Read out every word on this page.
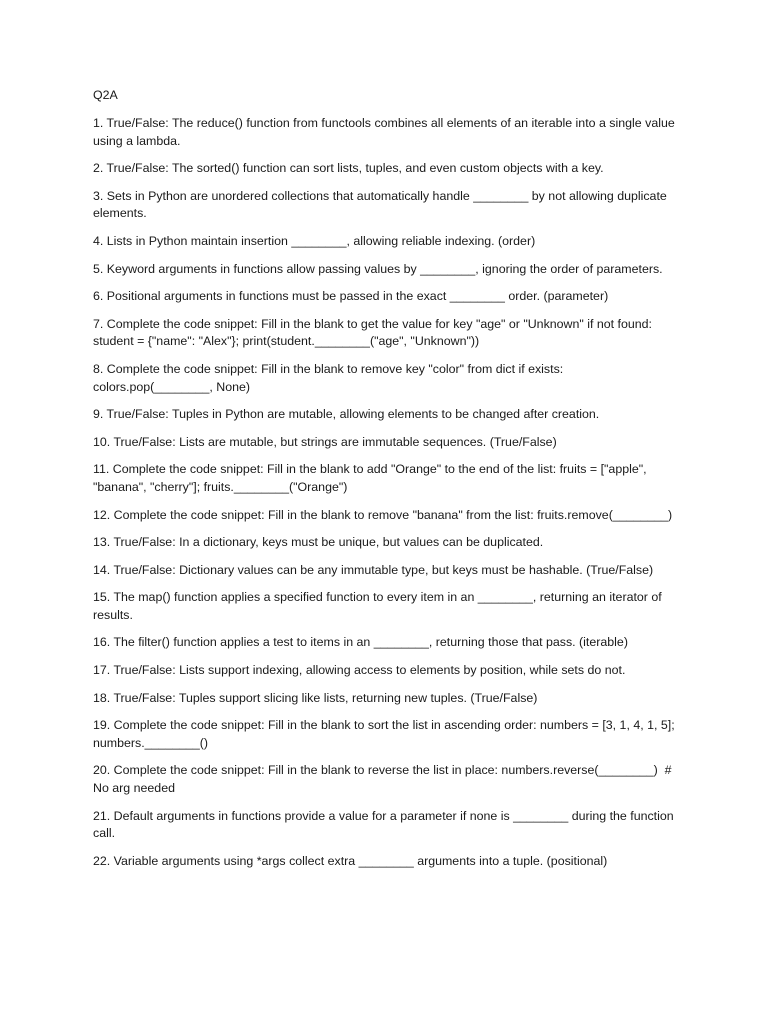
Q2A

1. True/False: The reduce() function from functools combines all elements of an iterable into a single value using a lambda.
2. True/False: The sorted() function can sort lists, tuples, and even custom objects with a key.
3. Sets in Python are unordered collections that automatically handle ________ by not allowing duplicate elements.
4. Lists in Python maintain insertion ________, allowing reliable indexing. (order)
5. Keyword arguments in functions allow passing values by ________, ignoring the order of parameters.
6. Positional arguments in functions must be passed in the exact ________ order. (parameter)
7. Complete the code snippet: Fill in the blank to get the value for key "age" or "Unknown" if not found: student = {"name": "Alex"}; print(student.________("age", "Unknown"))
8. Complete the code snippet: Fill in the blank to remove key "color" from dict if exists: colors.pop(________, None)
9. True/False: Tuples in Python are mutable, allowing elements to be changed after creation.
10. True/False: Lists are mutable, but strings are immutable sequences. (True/False)
11. Complete the code snippet: Fill in the blank to add "Orange" to the end of the list: fruits = ["apple", "banana", "cherry"]; fruits.________("Orange")
12. Complete the code snippet: Fill in the blank to remove "banana" from the list: fruits.remove(________)
13. True/False: In a dictionary, keys must be unique, but values can be duplicated.
14. True/False: Dictionary values can be any immutable type, but keys must be hashable. (True/False)
15. The map() function applies a specified function to every item in an ________, returning an iterator of results.
16. The filter() function applies a test to items in an ________, returning those that pass. (iterable)
17. True/False: Lists support indexing, allowing access to elements by position, while sets do not.
18. True/False: Tuples support slicing like lists, returning new tuples. (True/False)
19. Complete the code snippet: Fill in the blank to sort the list in ascending order: numbers = [3, 1, 4, 1, 5]; numbers.________()
20. Complete the code snippet: Fill in the blank to reverse the list in place: numbers.reverse(________)  # No arg needed
21. Default arguments in functions provide a value for a parameter if none is ________ during the function call.
22. Variable arguments using *args collect extra ________ arguments into a tuple. (positional)
